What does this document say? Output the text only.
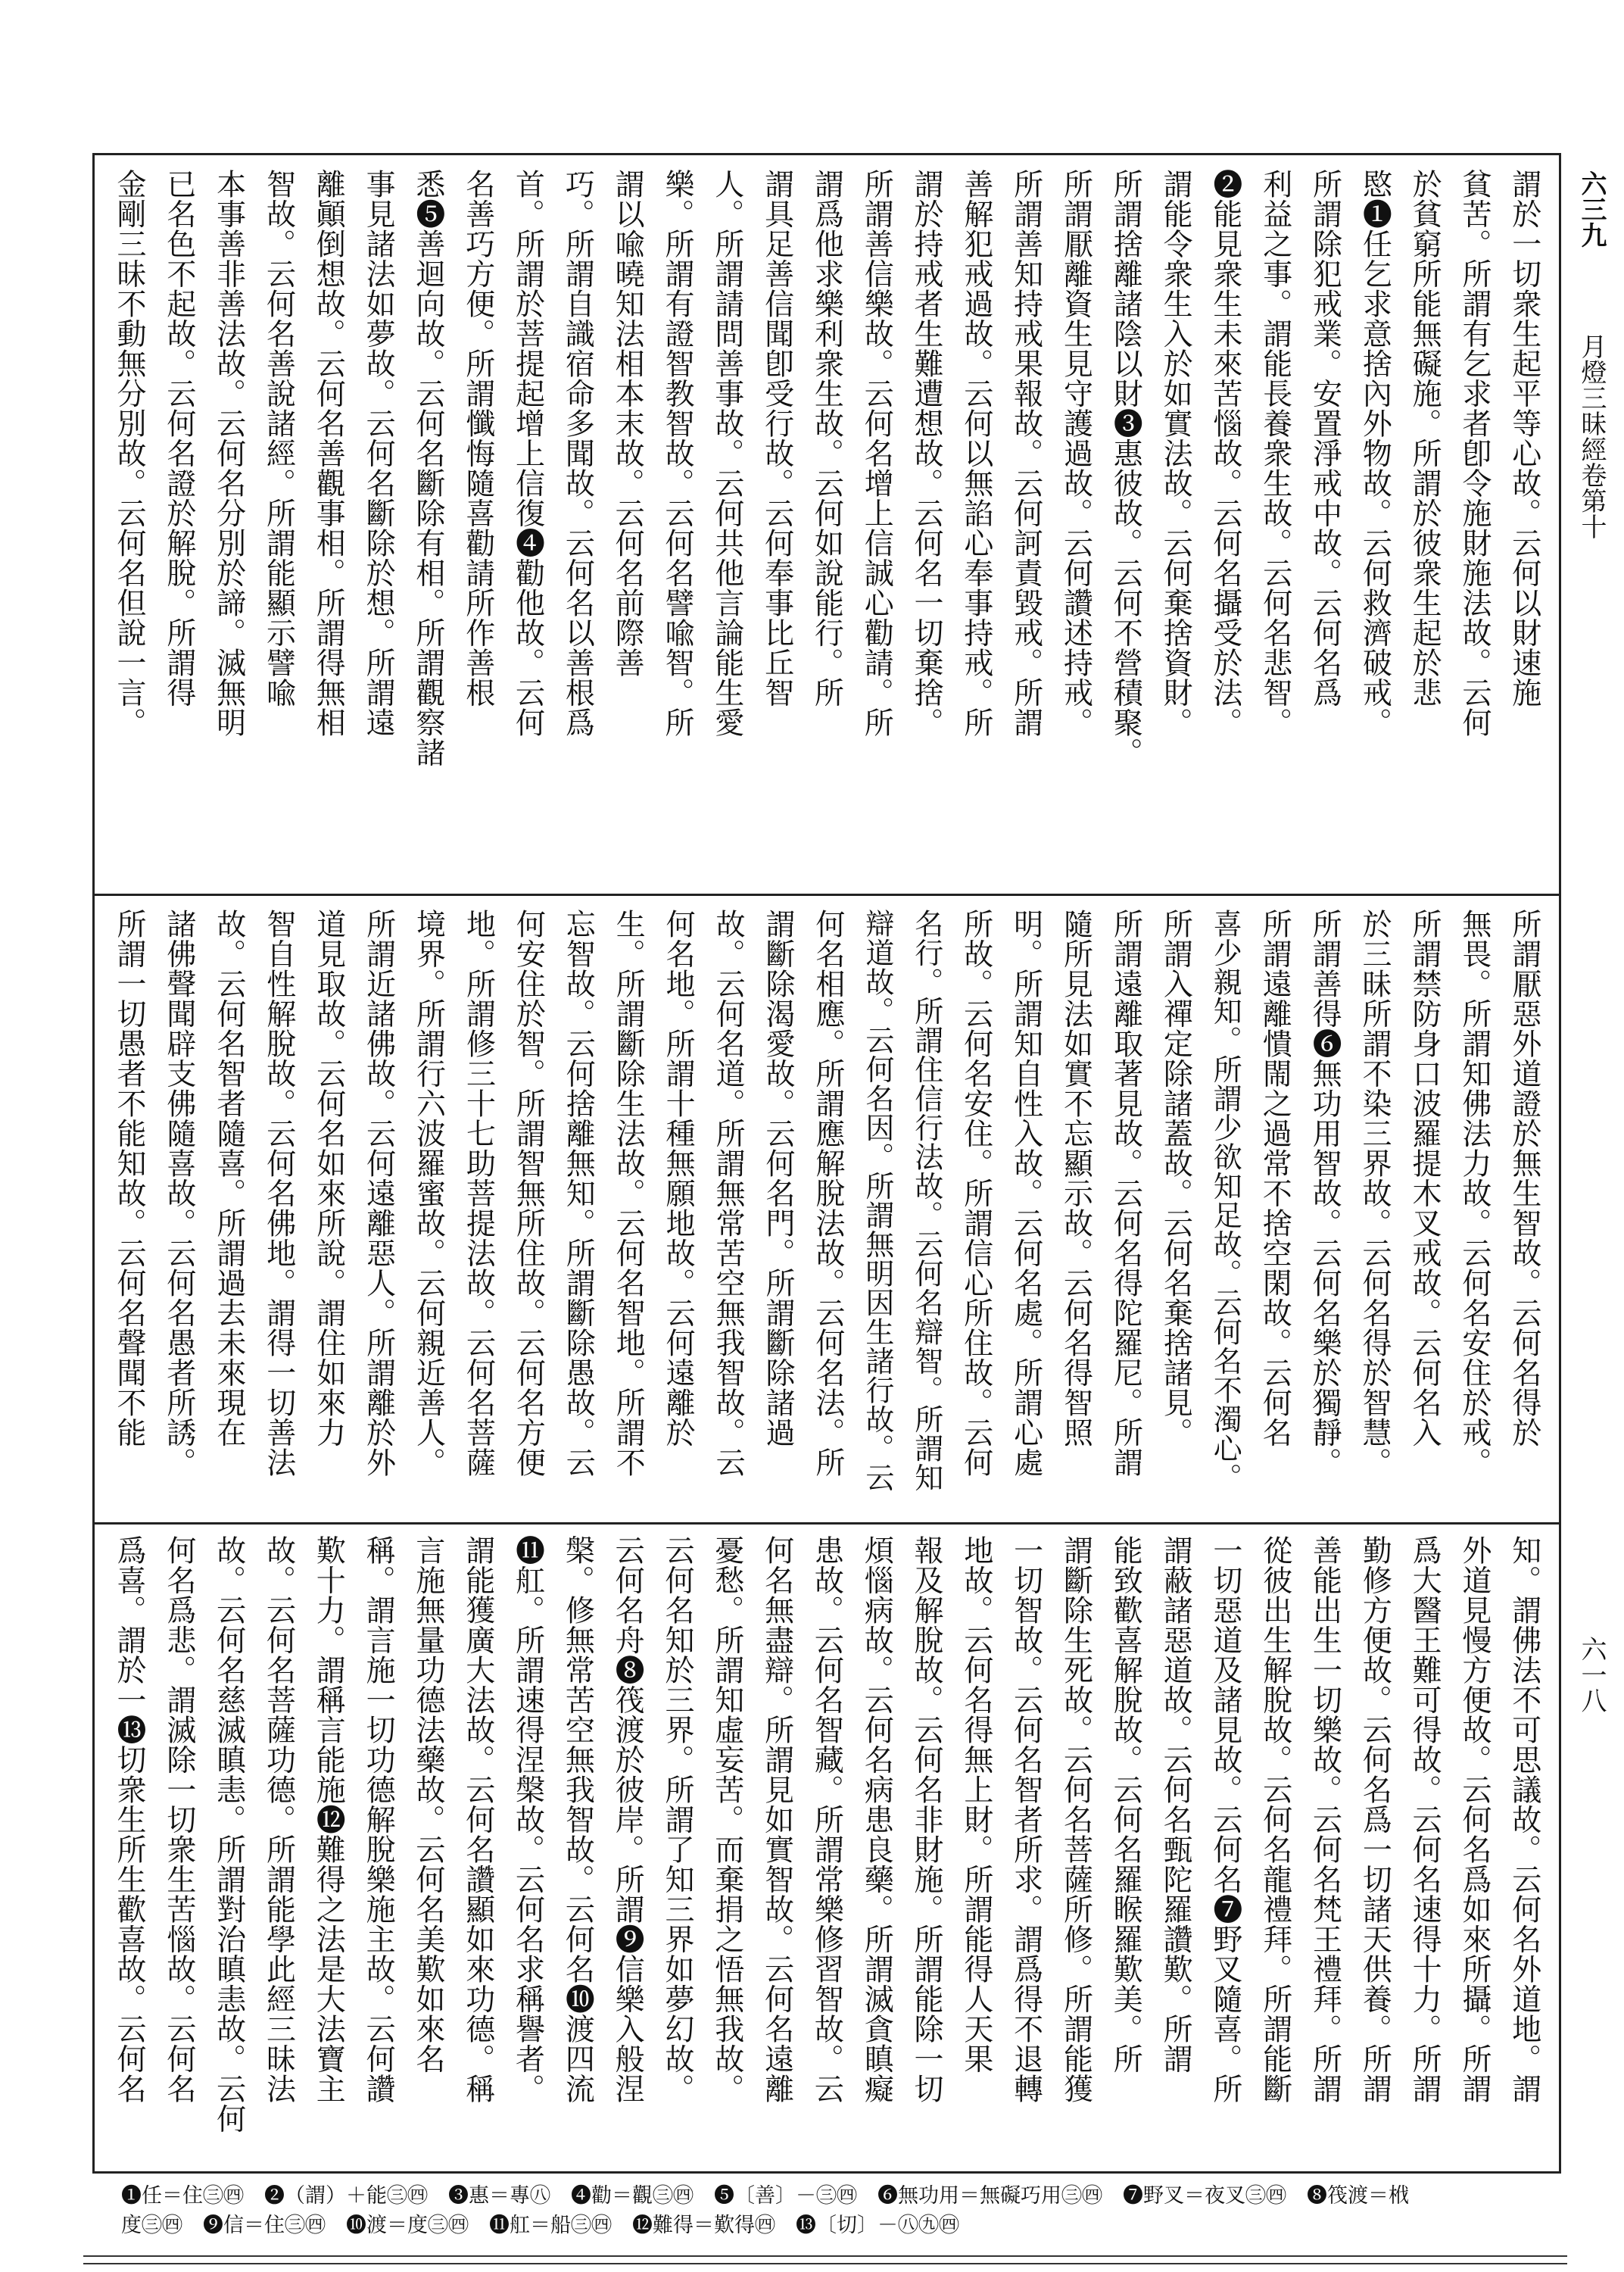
六三九
月燈三昧經卷第十
六一八
謂於一切衆生起平等心故。云何以財速施
貧苦。所謂有乞求者卽令施財施法故。云何
於貧窮所能無礙施。所謂於彼衆生起於悲
愍❶任乞求意捨內外物故。云何救濟破戒。
所謂除犯戒業。安置淨戒中故。云何名爲
利益之事。謂能長養衆生故。云何名悲智。
❷能見衆生未來苦惱故。云何名攝受於法。
謂能令衆生入於如實法故。云何棄捨資財。
所謂捨離諸陰以財❸惠彼故。云何不營積聚。
所謂厭離資生見守護過故。云何讚述持戒。
所謂善知持戒果報故。云何訶責毀戒。所謂
善解犯戒過故。云何以無諂心奉事持戒。所
謂於持戒者生難遭想故。云何名一切棄捨。
所謂善信樂故。云何名增上信誠心勸請。所
謂爲他求樂利衆生故。云何如說能行。所
謂具足善信聞卽受行故。云何奉事比丘智
人。所謂請問善事故。云何共他言論能生愛
樂。所謂有證智教智故。云何名譬喩智。所
謂以喩曉知法相本末故。云何名前際善
巧。所謂自識宿命多聞故。云何名以善根爲
首。所謂於菩提起增上信復❹勸他故。云何
名善巧方便。所謂懺悔隨喜勸請所作善根
悉❺善迴向故。云何名斷除有相。所謂觀察諸
事見諸法如夢故。云何名斷除於想。所謂遠
離顚倒想故。云何名善觀事相。所謂得無相
智故。云何名善說諸經。所謂能顯示譬喩
本事善非善法故。云何名分別於諦。滅無明
已名色不起故。云何名證於解脫。所謂得
金剛三昧不動無分別故。云何名但說一言。
所謂厭惡外道證於無生智故。云何名得於
無畏。所謂知佛法力故。云何名安住於戒。
所謂禁防身口波羅提木叉戒故。云何名入
於三昧所謂不染三界故。云何名得於智慧。
所謂善得❻無功用智故。云何名樂於獨靜。
所謂遠離憒閙之過常不捨空閑故。云何名
喜少親知。所謂少欲知足故。云何名不濁心。
所謂入禪定除諸蓋故。云何名棄捨諸見。
所謂遠離取著見故。云何名得陀羅尼。所謂
隨所見法如實不忘顯示故。云何名得智照
明。所謂知自性入故。云何名處。所謂心處
所故。云何名安住。所謂信心所住故。云何
名行。所謂住信行法故。云何名辯智。所謂知
辯道故。云何名因。所謂無明因生諸行故。云
何名相應。所謂應解脫法故。云何名法。所
謂斷除渴愛故。云何名門。所謂斷除諸過
故。云何名道。所謂無常苦空無我智故。云
何名地。所謂十種無願地故。云何遠離於
生。所謂斷除生法故。云何名智地。所謂不
忘智故。云何捨離無知。所謂斷除愚故。云
何安住於智。所謂智無所住故。云何名方便
地。所謂修三十七助菩提法故。云何名菩薩
境界。所謂行六波羅蜜故。云何親近善人。
所謂近諸佛故。云何遠離惡人。所謂離於外
道見取故。云何名如來所說。謂住如來力
智自性解脫故。云何名佛地。謂得一切善法
故。云何名智者隨喜。所謂過去未來現在
諸佛聲聞辟支佛隨喜故。云何名愚者所誘。
所謂一切愚者不能知故。云何名聲聞不能
知。謂佛法不可思議故。云何名外道地。謂
外道見慢方便故。云何名爲如來所攝。所謂
爲大醫王難可得故。云何名速得十力。所謂
勤修方便故。云何名爲一切諸天供養。所謂
善能出生一切樂故。云何名梵王禮拜。所謂
從彼出生解脫故。云何名龍禮拜。所謂能斷
一切惡道及諸見故。云何名❼野叉隨喜。所
謂蔽諸惡道故。云何名甄陀羅讚歎。所謂
能致歡喜解脫故。云何名羅睺羅歎美。所
謂斷除生死故。云何名菩薩所修。所謂能獲
一切智故。云何名智者所求。謂爲得不退轉
地故。云何名得無上財。所謂能得人天果
報及解脫故。云何名非財施。所謂能除一切
煩惱病故。云何名病患良藥。所謂滅貪瞋癡
患故。云何名智藏。所謂常樂修習智故。云
何名無盡辯。所謂見如實智故。云何名遠離
憂愁。所謂知虛妄苦。而棄捐之悟無我故。
云何名知於三界。所謂了知三界如夢幻故。
云何名舟❽筏渡於彼岸。所謂❾信樂入般涅
槃。修無常苦空無我智故。云何名❿渡四流
⓫舡。所謂速得涅槃故。云何名求稱譽者。
謂能獲廣大法故。云何名讚顯如來功德。稱
言施無量功德法藥故。云何名美歎如來名
稱。謂言施一切功德解脫樂施主故。云何讚
歎十力。謂稱言能施⓬難得之法是大法寶主
故。云何名菩薩功德。所謂能學此經三昧法
故。云何名慈滅瞋恚。所謂對治瞋恚故。云何
何名爲悲。謂滅除一切衆生苦惱故。云何名
爲喜。謂於一⓭切衆生所生歡喜故。云何名
❶任＝住㊂㊃　❷（謂）＋能㊂㊃　❸惠＝專㊇　❹勸＝觀㊂㊃　❺〔善〕－㊂㊃　❻無功用＝無礙巧用㊂㊃　❼野叉＝夜叉㊂㊃　❽筏渡＝栰
度㊂㊃　❾信＝住㊂㊃　❿渡＝度㊂㊃　⓫舡＝船㊂㊃　⓬難得＝歎得㊃　⓭〔切〕－㊇㊈㊃
